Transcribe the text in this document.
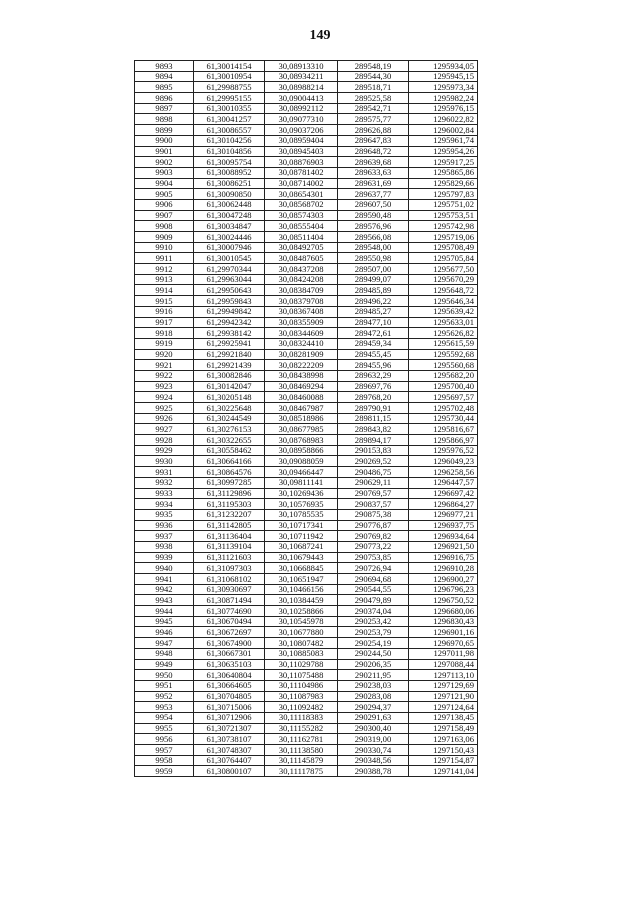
149
9893	61,30014154	30,08913310	289548,19	1295934,05
9894	61,30010954	30,08934211	289544,30	1295945,15
9895	61,29988755	30,08988214	289518,71	1295973,34
9896	61,29995155	30,09004413	289525,58	1295982,24
9897	61,30010355	30,08992112	289542,71	1295976,15
9898	61,30041257	30,09077310	289575,77	1296022,82
9899	61,30086557	30,09037206	289626,88	1296002,84
9900	61,30104256	30,08959404	289647,83	1295961,74
9901	61,30104856	30,08945403	289648,72	1295954,26
9902	61,30095754	30,08876903	289639,68	1295917,25
9903	61,30088952	30,08781402	289633,63	1295865,86
9904	61,30086251	30,08714002	289631,69	1295829,66
9905	61,30090850	30,08654301	289637,77	1295797,83
9906	61,30062448	30,08568702	289607,50	1295751,02
9907	61,30047248	30,08574303	289590,48	1295753,51
9908	61,30034847	30,08555404	289576,96	1295742,98
9909	61,30024446	30,08511404	289566,08	1295719,06
9910	61,30007946	30,08492705	289548,00	1295708,49
9911	61,30010545	30,08487605	289550,98	1295705,84
9912	61,29970344	30,08437208	289507,00	1295677,50
9913	61,29963044	30,08424208	289499,07	1295670,29
9914	61,29950643	30,08384709	289485,89	1295648,72
9915	61,29959843	30,08379708	289496,22	1295646,34
9916	61,29949842	30,08367408	289485,27	1295639,42
9917	61,29942342	30,08355909	289477,10	1295633,01
9918	61,29938142	30,08344609	289472,61	1295626,82
9919	61,29925941	30,08324410	289459,34	1295615,59
9920	61,29921840	30,08281909	289455,45	1295592,68
9921	61,29921439	30,08222209	289455,96	1295560,68
9922	61,30082846	30,08438998	289632,29	1295682,20
9923	61,30142047	30,08469294	289697,76	1295700,40
9924	61,30205148	30,08460088	289768,20	1295697,57
9925	61,30225648	30,08467987	289790,91	1295702,48
9926	61,30244549	30,08518986	289811,15	1295730,44
9927	61,30276153	30,08677985	289843,82	1295816,67
9928	61,30322655	30,08768983	289894,17	1295866,97
9929	61,30558462	30,08958866	290153,83	1295976,52
9930	61,30664166	30,09088059	290269,52	1296049,23
9931	61,30864576	30,09466447	290486,75	1296258,56
9932	61,30997285	30,09811141	290629,11	1296447,57
9933	61,31129896	30,10269436	290769,57	1296697,42
9934	61,31195303	30,10576935	290837,57	1296864,27
9935	61,31232207	30,10785535	290875,38	1296977,21
9936	61,31142805	30,10717341	290776,87	1296937,75
9937	61,31136404	30,10711942	290769,82	1296934,64
9938	61,31139104	30,10687241	290773,22	1296921,50
9939	61,31121603	30,10679443	290753,85	1296916,75
9940	61,31097303	30,10668845	290726,94	1296910,28
9941	61,31068102	30,10651947	290694,68	1296900,27
9942	61,30930697	30,10466156	290544,55	1296796,23
9943	61,30871494	30,10384459	290479,89	1296750,52
9944	61,30774690	30,10258866	290374,04	1296680,06
9945	61,30670494	30,10545978	290253,42	1296830,43
9946	61,30672697	30,10677880	290253,79	1296901,16
9947	61,30674900	30,10807482	290254,19	1296970,65
9948	61,30667301	30,10885083	290244,50	1297011,98
9949	61,30635103	30,11029788	290206,35	1297088,44
9950	61,30640804	30,11075488	290211,95	1297113,10
9951	61,30664605	30,11104986	290238,03	1297129,69
9952	61,30704805	30,11087983	290283,08	1297121,90
9953	61,30715006	30,11092482	290294,37	1297124,64
9954	61,30712906	30,11118383	290291,63	1297138,45
9955	61,30721307	30,11155282	290300,40	1297158,49
9956	61,30738107	30,11162781	290319,00	1297163,06
9957	61,30748307	30,11138580	290330,74	1297150,43
9958	61,30764407	30,11145879	290348,56	1297154,87
9959	61,30800107	30,11117875	290388,78	1297141,04
